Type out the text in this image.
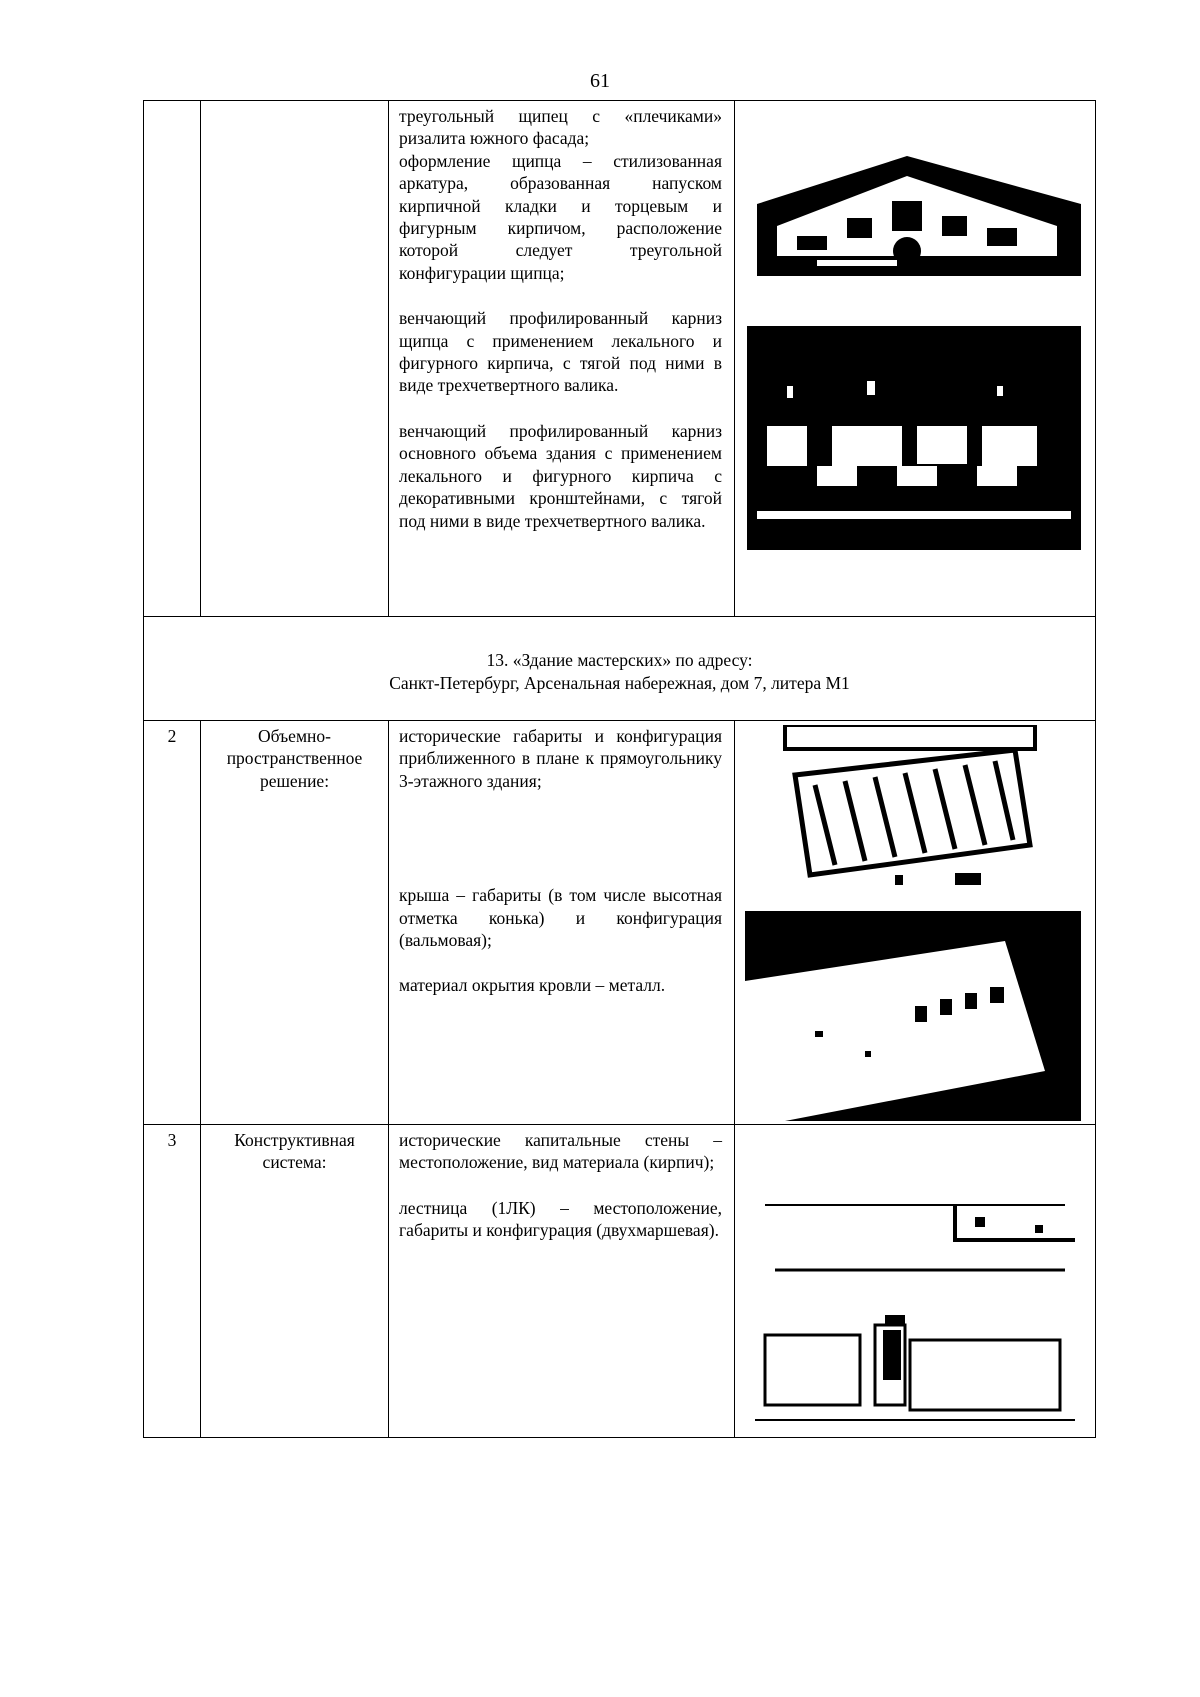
61

		треугольный щипец с «плечиками» ризалита южного фасада;

оформление щипца – стилизованная аркатура, образованная напуском кирпичной кладки и торцевым и фигурным кирпичом, расположение которой следует треугольной конфигурации щипца;

венчающий профилированный карниз щипца с применением лекального и фигурного кирпича, с тягой под ними в виде трехчетвертного валика.

венчающий профилированный карниз основного объема здания с применением лекального и фигурного кирпича с декоративными кронштейнами, с тягой под ними в виде трехчетвертного валика.

13. «Здание мастерских» по адресу:
Санкт-Петербург, Арсенальная набережная, дом 7, литера М1			

2	Объемно-пространственное решение:	исторические габариты и конфигурация приближенного в плане к прямоугольнику 3-этажного здания;

крыша – габариты (в том числе высотная отметка конька) и конфигурация (вальмовая);

материал окрытия кровли – металл.

3	Конструктивная система:	исторические капитальные стены – местоположение, вид материала (кирпич);

лестница (1ЛК) – местоположение, габариты и конфигурация (двухмаршевая).
